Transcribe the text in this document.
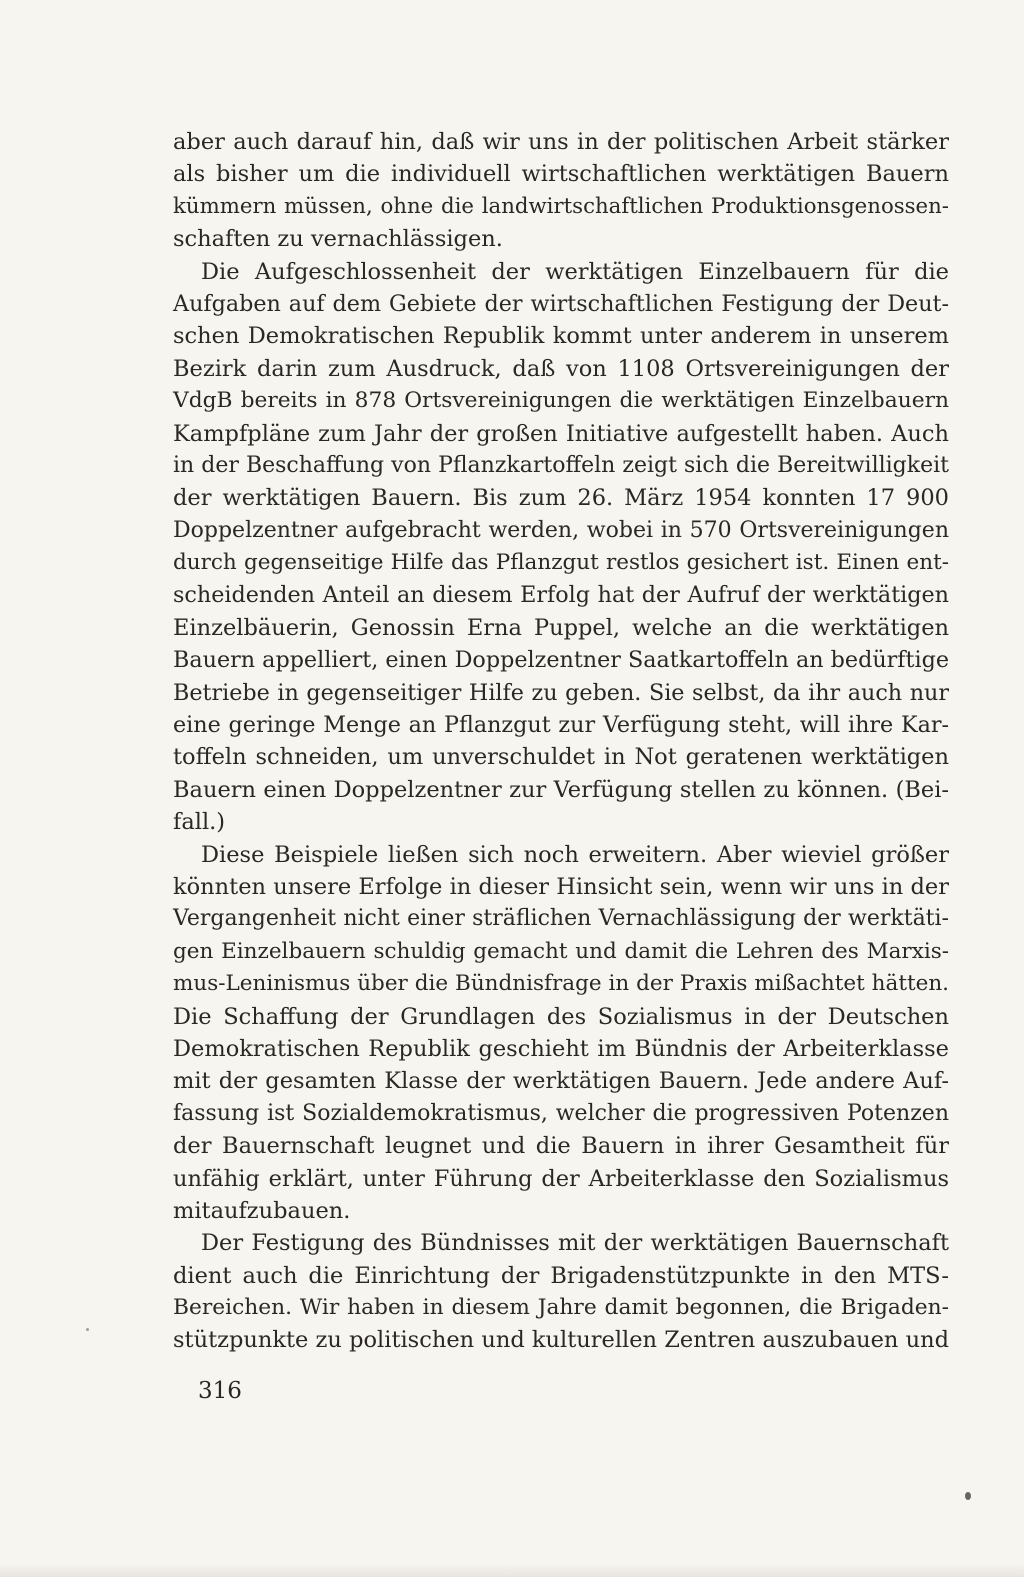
aber auch darauf hin, daß wir uns in der politischen Arbeit stärker
als bisher um die individuell wirtschaftlichen werktätigen Bauern
kümmern müssen, ohne die landwirtschaftlichen Produktionsgenossen-
schaften zu vernachlässigen.
Die Aufgeschlossenheit der werktätigen Einzelbauern für die
Aufgaben auf dem Gebiete der wirtschaftlichen Festigung der Deut-
schen Demokratischen Republik kommt unter anderem in unserem
Bezirk darin zum Ausdruck, daß von 1108 Ortsvereinigungen der
VdgB bereits in 878 Ortsvereinigungen die werktätigen Einzelbauern
Kampfpläne zum Jahr der großen Initiative aufgestellt haben. Auch
in der Beschaffung von Pflanzkartoffeln zeigt sich die Bereitwilligkeit
der werktätigen Bauern. Bis zum 26. März 1954 konnten 17 900
Doppelzentner aufgebracht werden, wobei in 570 Ortsvereinigungen
durch gegenseitige Hilfe das Pflanzgut restlos gesichert ist. Einen ent-
scheidenden Anteil an diesem Erfolg hat der Aufruf der werktätigen
Einzelbäuerin, Genossin Erna Puppel, welche an die werktätigen
Bauern appelliert, einen Doppelzentner Saatkartoffeln an bedürftige
Betriebe in gegenseitiger Hilfe zu geben. Sie selbst, da ihr auch nur
eine geringe Menge an Pflanzgut zur Verfügung steht, will ihre Kar-
toffeln schneiden, um unverschuldet in Not geratenen werktätigen
Bauern einen Doppelzentner zur Verfügung stellen zu können. (Bei-
fall.)
Diese Beispiele ließen sich noch erweitern. Aber wieviel größer
könnten unsere Erfolge in dieser Hinsicht sein, wenn wir uns in der
Vergangenheit nicht einer sträflichen Vernachlässigung der werktäti-
gen Einzelbauern schuldig gemacht und damit die Lehren des Marxis-
mus-Leninismus über die Bündnisfrage in der Praxis mißachtet hätten.
Die Schaffung der Grundlagen des Sozialismus in der Deutschen
Demokratischen Republik geschieht im Bündnis der Arbeiterklasse
mit der gesamten Klasse der werktätigen Bauern. Jede andere Auf-
fassung ist Sozialdemokratismus, welcher die progressiven Potenzen
der Bauernschaft leugnet und die Bauern in ihrer Gesamtheit für
unfähig erklärt, unter Führung der Arbeiterklasse den Sozialismus
mitaufzubauen.
Der Festigung des Bündnisses mit der werktätigen Bauernschaft
dient auch die Einrichtung der Brigadenstützpunkte in den MTS-
Bereichen. Wir haben in diesem Jahre damit begonnen, die Brigaden-
stützpunkte zu politischen und kulturellen Zentren auszubauen und
316
